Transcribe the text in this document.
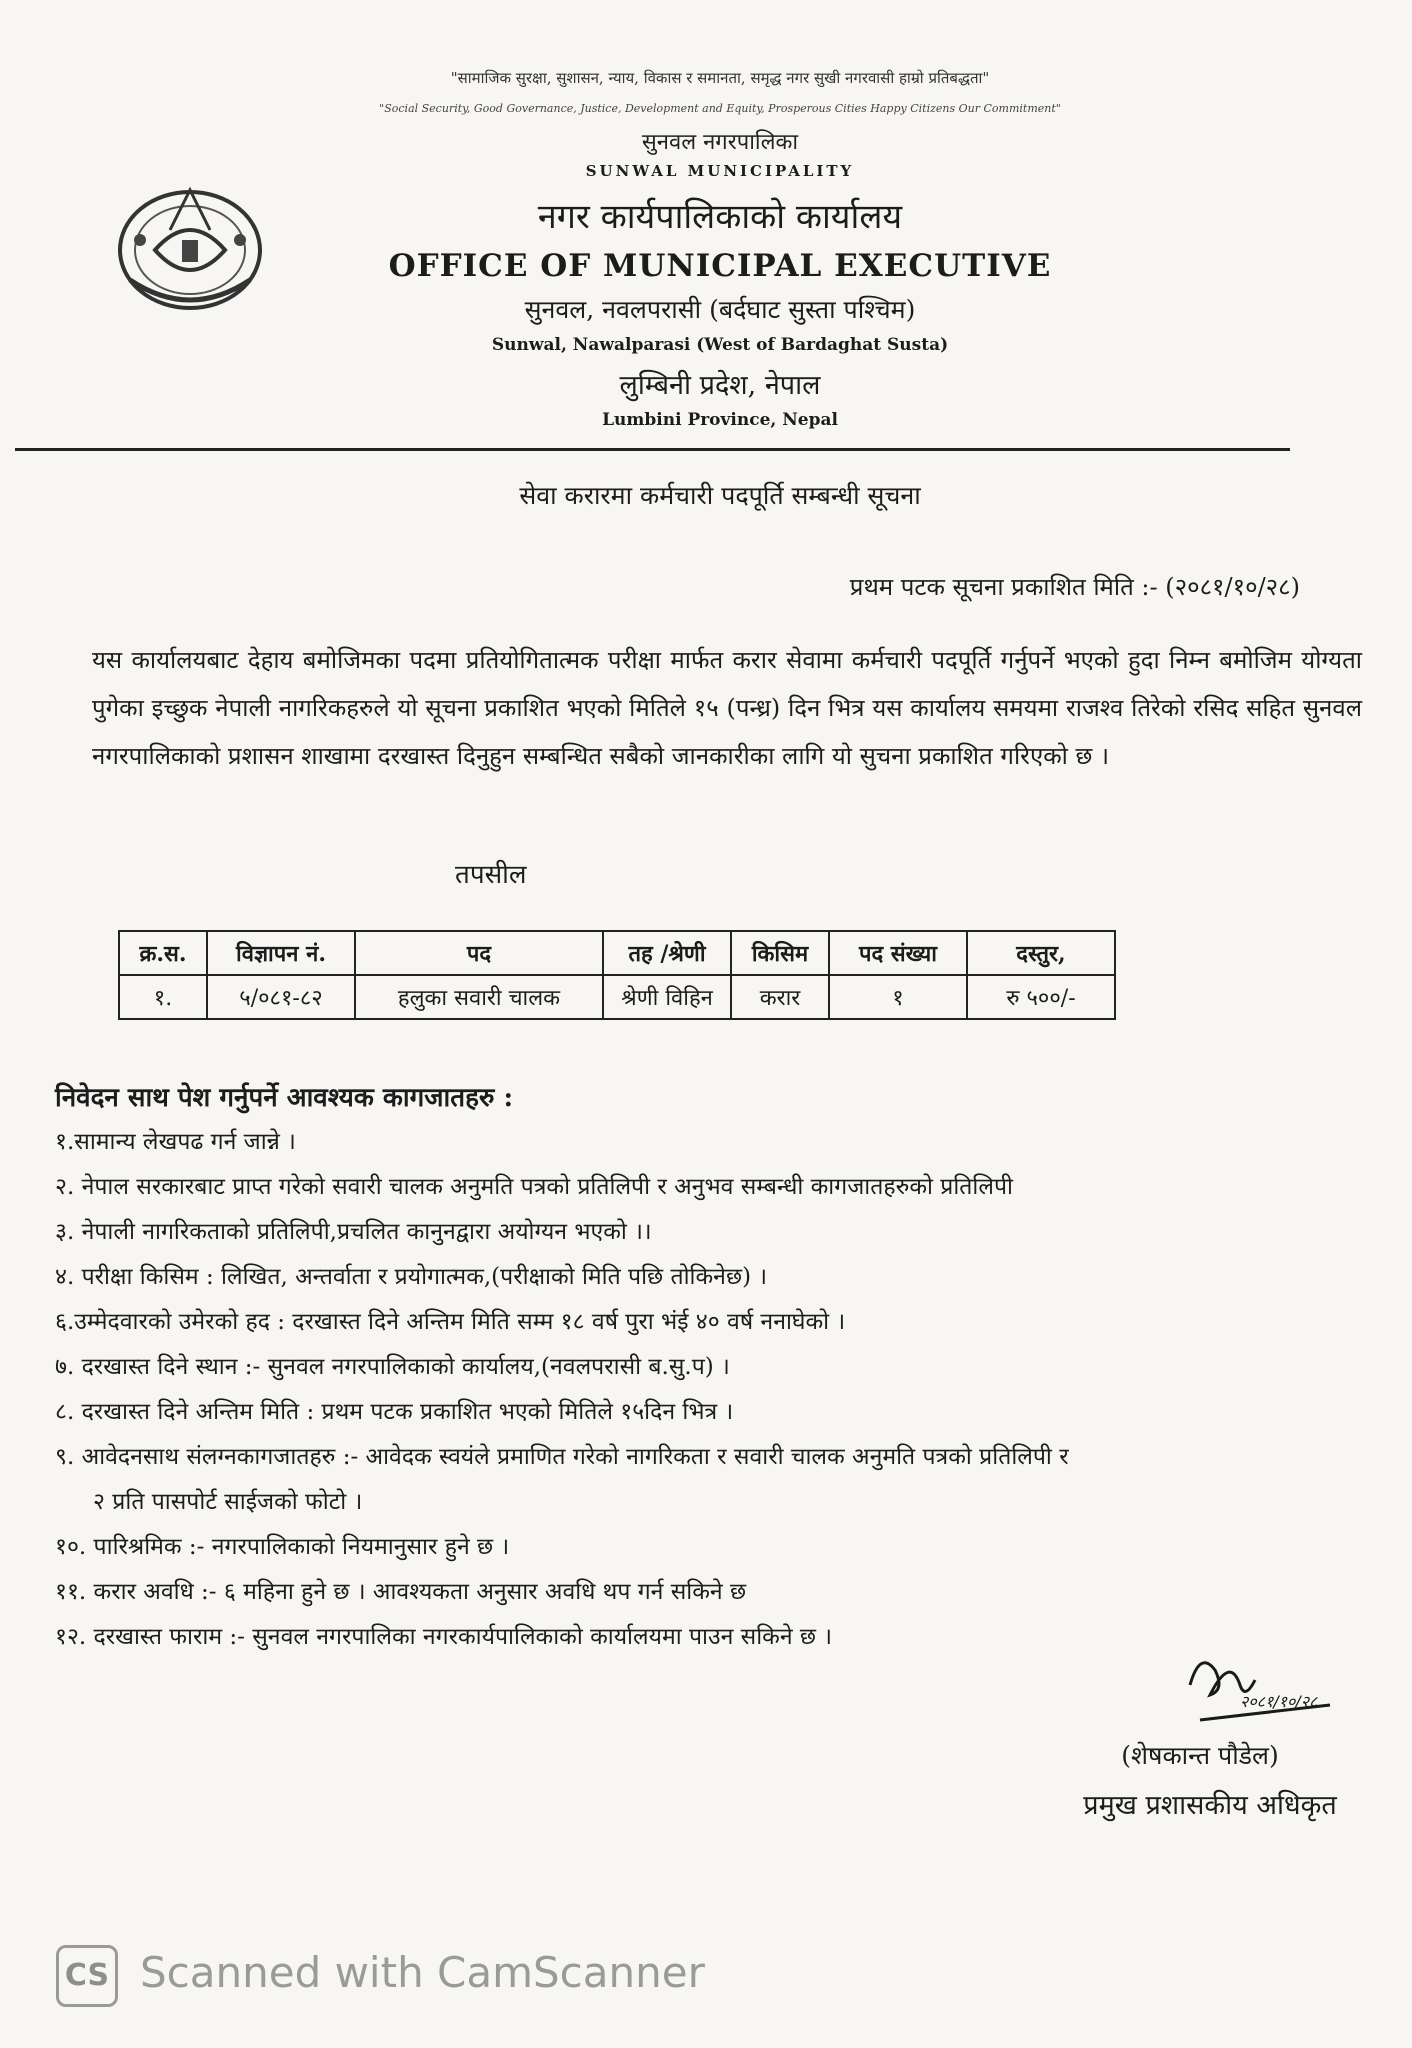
"सामाजिक सुरक्षा, सुशासन, न्याय, विकास र समानता, समृद्ध नगर सुखी नगरवासी हाम्रो प्रतिबद्धता"
"Social Security, Good Governance, Justice, Development and Equity, Prosperous Cities Happy Citizens Our Commitment"
सुनवल नगरपालिका
SUNWAL MUNICIPALITY
नगर कार्यपालिकाको कार्यालय
OFFICE OF MUNICIPAL EXECUTIVE
सुनवल, नवलपरासी (बर्दघाट सुस्ता पश्चिम)
Sunwal, Nawalparasi (West of Bardaghat Susta)
लुम्बिनी प्रदेश, नेपाल
Lumbini Province, Nepal
सेवा करारमा कर्मचारी पदपूर्ति सम्बन्धी सूचना
प्रथम पटक सूचना प्रकाशित मिति :- (२०८१/१०/२८)
यस कार्यालयबाट देहाय बमोजिमका पदमा प्रतियोगितात्मक परीक्षा मार्फत करार सेवामा कर्मचारी पदपूर्ति गर्नुपर्ने भएको हुदा निम्न बमोजिम योग्यता पुगेका इच्छुक नेपाली नागरिकहरुले यो सूचना प्रकाशित भएको मितिले १५ (पन्ध्र) दिन भित्र यस कार्यालय समयमा राजश्व तिरेको रसिद सहित सुनवल नगरपालिकाको प्रशासन शाखामा दरखास्त दिनुहुन सम्बन्धित सबैको जानकारीका लागि यो सुचना प्रकाशित गरिएको छ ।
तपसील
क्र.स.	विज्ञापन नं.	पद	तह /श्रेणी	किसिम	पद संख्या	दस्तुर,
१.	५/०८१-८२	हलुका सवारी चालक	श्रेणी विहिन	करार	१	रु ५००/-
निवेदन साथ पेश गर्नुपर्ने आवश्यक कागजातहरु :
१.सामान्य लेखपढ गर्न जान्ने ।
२. नेपाल सरकारबाट प्राप्त गरेको सवारी चालक अनुमति पत्रको प्रतिलिपी र अनुभव सम्बन्धी कागजातहरुको प्रतिलिपी
३. नेपाली नागरिकताको प्रतिलिपी,प्रचलित कानुनद्वारा अयोग्यन भएको ।।
४. परीक्षा किसिम : लिखित, अन्तर्वाता र प्रयोगात्मक,(परीक्षाको मिति पछि तोकिनेछ) ।
६.उम्मेदवारको उमेरको हद : दरखास्त दिने अन्तिम मिति सम्म १८ वर्ष पुरा भंई ४० वर्ष ननाघेको ।
७. दरखास्त दिने स्थान :- सुनवल नगरपालिकाको कार्यालय,(नवलपरासी ब.सु.प) ।
८. दरखास्त दिने अन्तिम मिति : प्रथम पटक प्रकाशित भएको मितिले १५दिन भित्र ।
९. आवेदनसाथ संलग्नकागजातहरु :- आवेदक स्वयंले प्रमाणित गरेको नागरिकता र सवारी चालक अनुमति पत्रको प्रतिलिपी र
२ प्रति पासपोर्ट साईजको फोटो ।
१०. पारिश्रमिक :- नगरपालिकाको नियमानुसार हुने छ ।
११. करार अवधि :- ६ महिना हुने छ । आवश्यकता अनुसार अवधि थप गर्न सकिने छ
१२. दरखास्त फाराम :- सुनवल नगरपालिका नगरकार्यपालिकाको कार्यालयमा पाउन सकिने छ ।
२०८१/१०/२८
(शेषकान्त पौडेल)
प्रमुख प्रशासकीय अधिकृत
CS Scanned with CamScanner
